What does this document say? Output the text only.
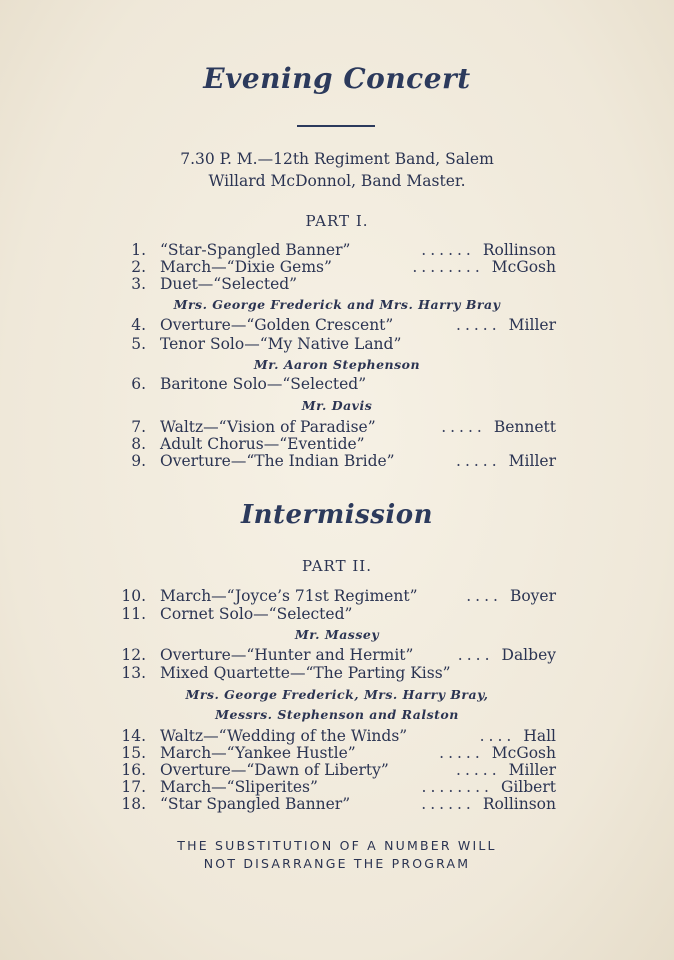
Evening Concert
7.30 P. M.—12th Regiment Band, Salem
Willard McDonnol, Band Master.
PART I.
1. “Star-Spangled Banner”	...... Rollinson
2. March—“Dixie Gems”	........ McGosh
3. Duet—“Selected”
Mrs. George Frederick and Mrs. Harry Bray
4. Overture—“Golden Crescent”	..... Miller
5. Tenor Solo—“My Native Land”
Mr. Aaron Stephenson
6. Baritone Solo—“Selected”
Mr. Davis
7. Waltz—“Vision of Paradise”	..... Bennett
8. Adult Chorus—“Eventide”
9. Overture—“The Indian Bride”	..... Miller
Intermission
PART II.
10. March—“Joyce’s 71st Regiment”	.... Boyer
11. Cornet Solo—“Selected”
Mr. Massey
12. Overture—“Hunter and Hermit”	.... Dalbey
13. Mixed Quartette—“The Parting Kiss”
Mrs. George Frederick, Mrs. Harry Bray,
Messrs. Stephenson and Ralston
14. Waltz—“Wedding of the Winds”	.... Hall
15. March—“Yankee Hustle”	..... McGosh
16. Overture—“Dawn of Liberty”	..... Miller
17. March—“Sliperites”	........ Gilbert
18. “Star Spangled Banner”	...... Rollinson
THE SUBSTITUTION OF A NUMBER WILL
NOT DISARRANGE THE PROGRAM
